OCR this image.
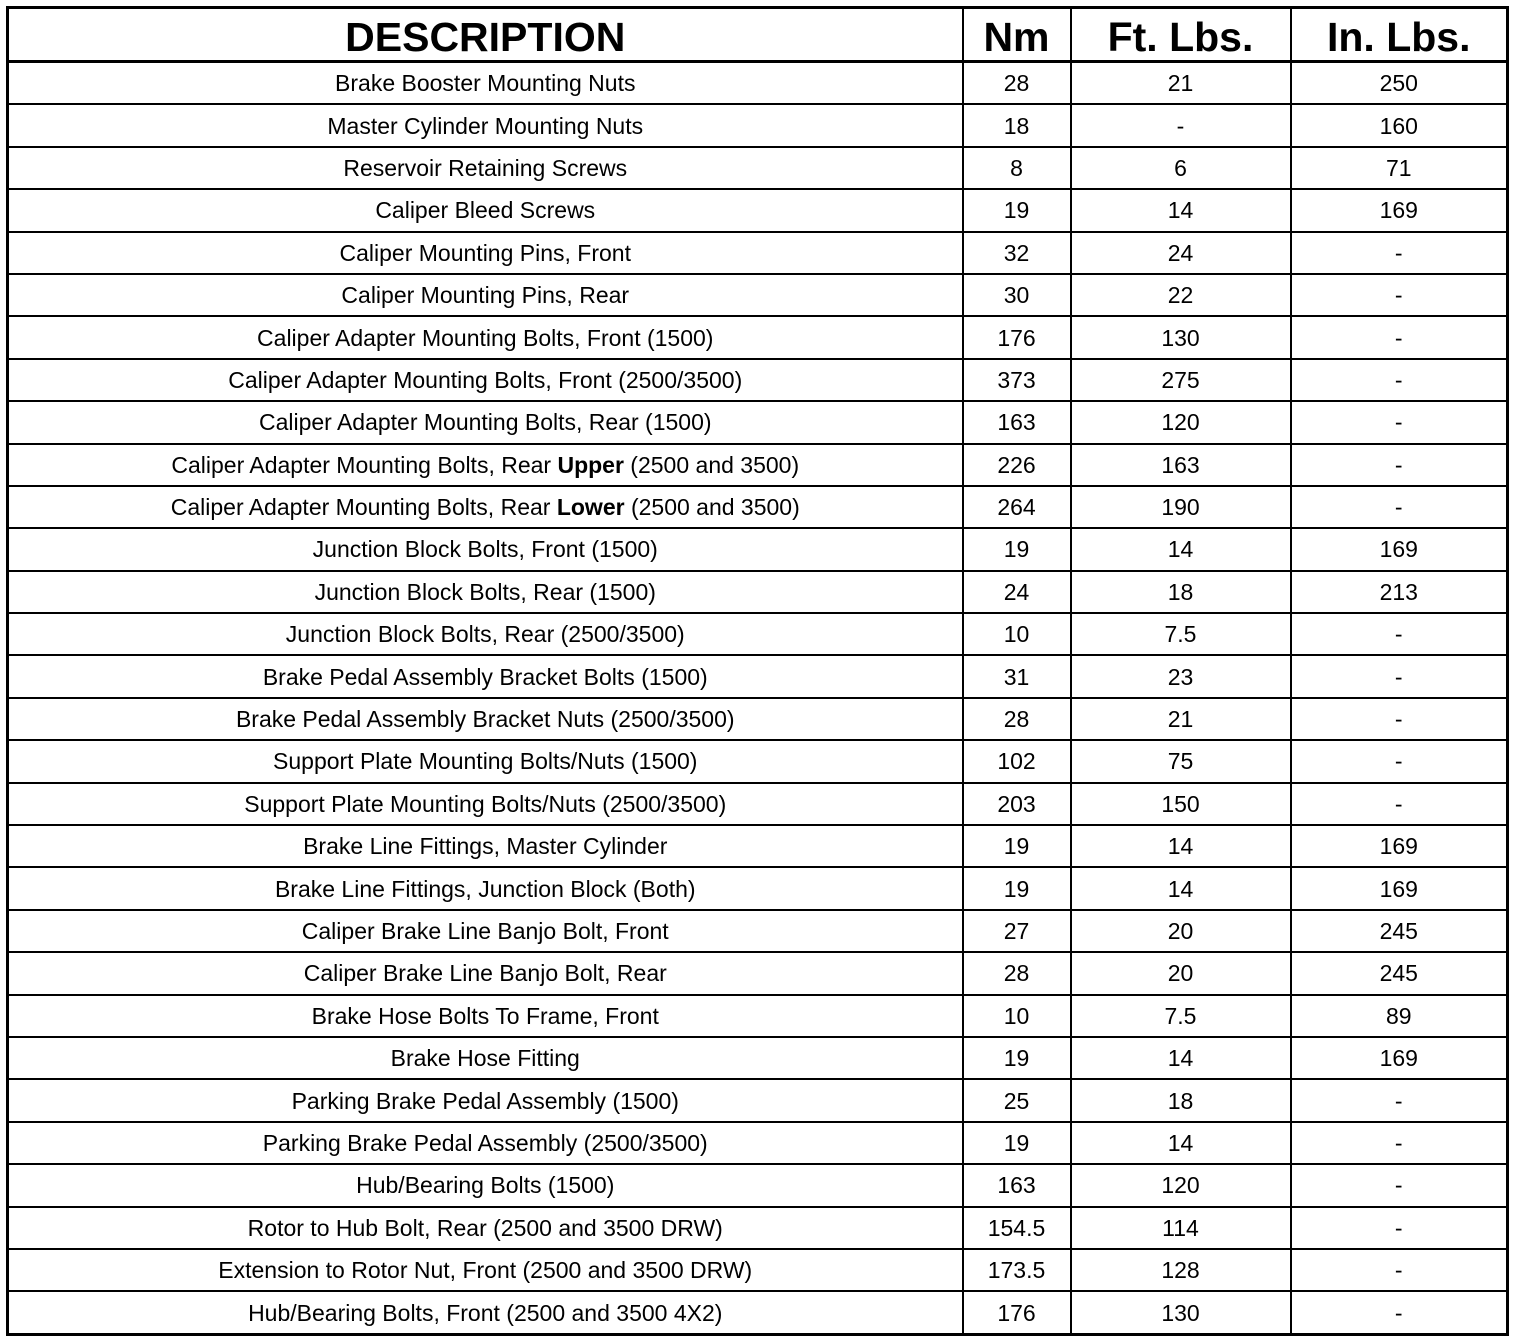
DESCRIPTION	Nm	Ft. Lbs.	In. Lbs.
Brake Booster Mounting Nuts	28	21	250
Master Cylinder Mounting Nuts	18	-	160
Reservoir Retaining Screws	8	6	71
Caliper Bleed Screws	19	14	169
Caliper Mounting Pins, Front	32	24	-
Caliper Mounting Pins, Rear	30	22	-
Caliper Adapter Mounting Bolts, Front (1500)	176	130	-
Caliper Adapter Mounting Bolts, Front (2500/3500)	373	275	-
Caliper Adapter Mounting Bolts, Rear (1500)	163	120	-
Caliper Adapter Mounting Bolts, Rear Upper (2500 and 3500)	226	163	-
Caliper Adapter Mounting Bolts, Rear Lower (2500 and 3500)	264	190	-
Junction Block Bolts, Front (1500)	19	14	169
Junction Block Bolts, Rear (1500)	24	18	213
Junction Block Bolts, Rear (2500/3500)	10	7.5	-
Brake Pedal Assembly Bracket Bolts (1500)	31	23	-
Brake Pedal Assembly Bracket Nuts (2500/3500)	28	21	-
Support Plate Mounting Bolts/Nuts (1500)	102	75	-
Support Plate Mounting Bolts/Nuts (2500/3500)	203	150	-
Brake Line Fittings, Master Cylinder	19	14	169
Brake Line Fittings, Junction Block (Both)	19	14	169
Caliper Brake Line Banjo Bolt, Front	27	20	245
Caliper Brake Line Banjo Bolt, Rear	28	20	245
Brake Hose Bolts To Frame, Front	10	7.5	89
Brake Hose Fitting	19	14	169
Parking Brake Pedal Assembly (1500)	25	18	-
Parking Brake Pedal Assembly (2500/3500)	19	14	-
Hub/Bearing Bolts (1500)	163	120	-
Rotor to Hub Bolt, Rear (2500 and 3500 DRW)	154.5	114	-
Extension to Rotor Nut, Front (2500 and 3500 DRW)	173.5	128	-
Hub/Bearing Bolts, Front (2500 and 3500 4X2)	176	130	-
